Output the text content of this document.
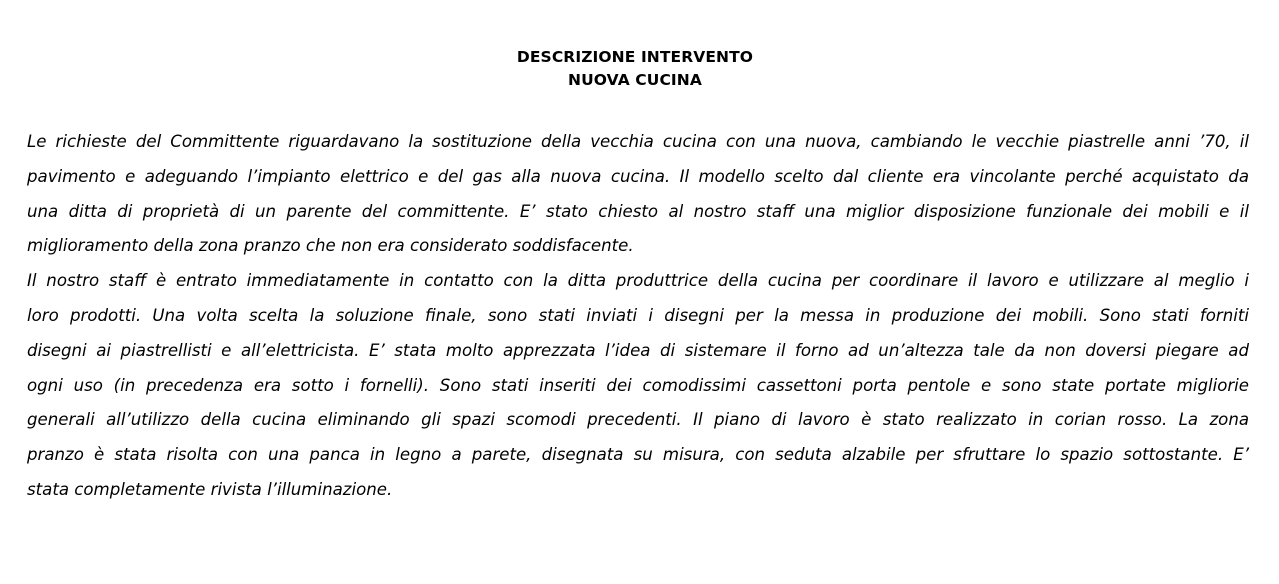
DESCRIZIONE INTERVENTO
NUOVA CUCINA
Le richieste del Committente riguardavano la sostituzione della vecchia cucina con una nuova, cambiando le vecchie piastrelle anni ’70, il
pavimento e adeguando l’impianto elettrico e del gas alla nuova cucina. Il modello scelto dal cliente era vincolante perché acquistato da
una ditta di proprietà di un parente del committente. E’ stato chiesto al nostro staff una miglior disposizione funzionale dei mobili e il
miglioramento della zona pranzo che non era considerato soddisfacente.
Il nostro staff è entrato immediatamente in contatto con la ditta produttrice della cucina per coordinare il lavoro e utilizzare al meglio i
loro prodotti. Una volta scelta la soluzione finale, sono stati inviati i disegni per la messa in produzione dei mobili. Sono stati forniti
disegni ai piastrellisti e all’elettricista. E’ stata molto apprezzata l’idea di sistemare il forno ad un’altezza tale da non doversi piegare ad
ogni uso (in precedenza era sotto i fornelli). Sono stati inseriti dei comodissimi cassettoni porta pentole e sono state portate migliorie
generali all’utilizzo della cucina eliminando gli spazi scomodi precedenti. Il piano di lavoro è stato realizzato in corian rosso. La zona
pranzo è stata risolta con una panca in legno a parete, disegnata su misura, con seduta alzabile per sfruttare lo spazio sottostante. E’
stata completamente rivista l’illuminazione.
